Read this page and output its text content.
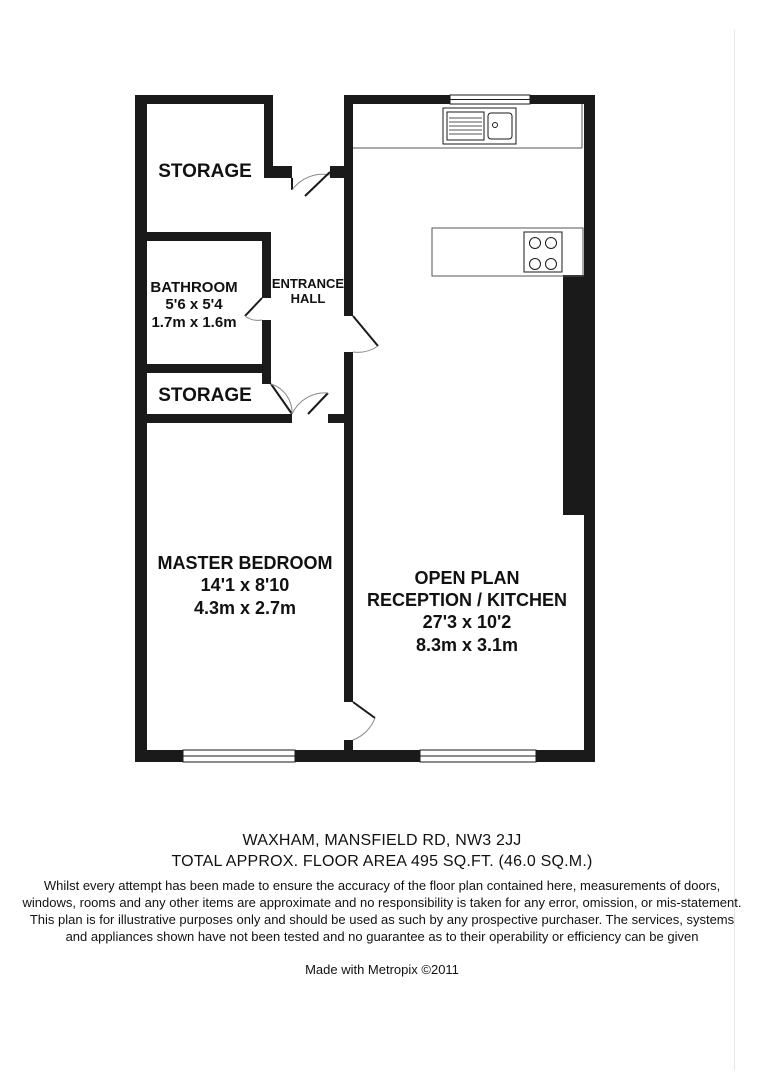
STORAGE
BATHROOM
5'6 x 5'4
1.7m x 1.6m
ENTRANCE
HALL
STORAGE
MASTER BEDROOM
14'1 x 8'10
4.3m x 2.7m
OPEN PLAN
RECEPTION / KITCHEN
27'3 x 10'2
8.3m x 3.1m
WAXHAM, MANSFIELD RD, NW3 2JJ
TOTAL APPROX. FLOOR AREA 495 SQ.FT. (46.0 SQ.M.)
Whilst every attempt has been made to ensure the accuracy of the floor plan contained here, measurements of doors, windows, rooms and any other items are approximate and no responsibility is taken for any error, omission, or mis-statement. This plan is for illustrative purposes only and should be used as such by any prospective purchaser. The services, systems and appliances shown have not been tested and no guarantee as to their operability or efficiency can be given
Made with Metropix ©2011
